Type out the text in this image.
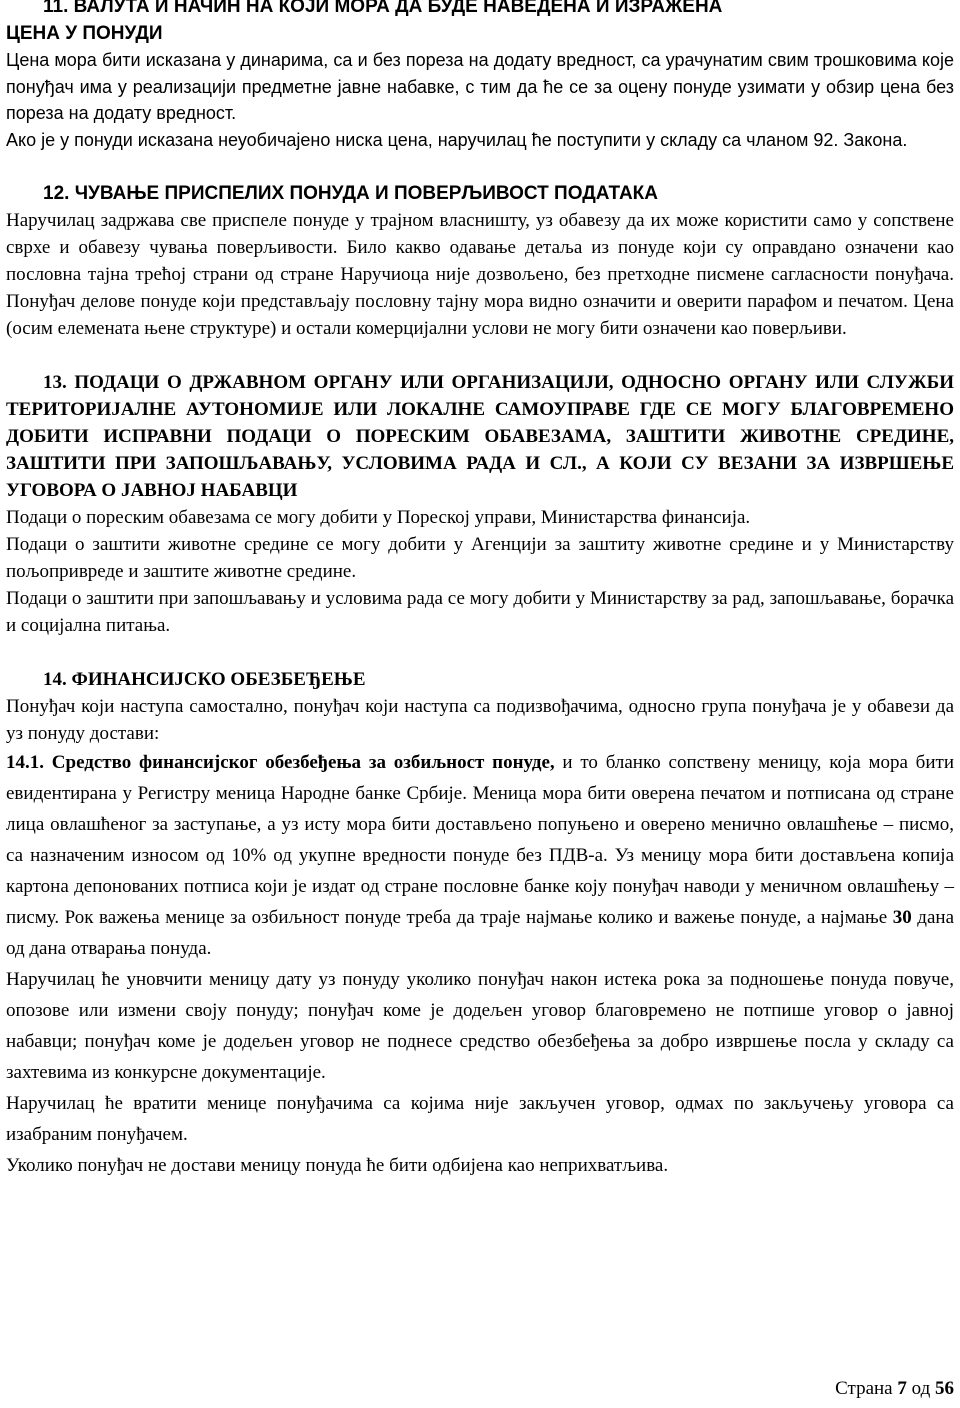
11. ВАЛУТА И НАЧИН НА КОЈИ МОРА ДА БУДЕ НАВЕДЕНА И ИЗРАЖЕНА
ЦЕНА У ПОНУДИ

Цена мора бити исказана у динарима, са и без пореза на додату вредност, са урачунатим свим трошковима које понуђач има у реализацији предметне јавне набавке, с тим да ће се за оцену понуде узимати у обзир цена без пореза на додату вредност.

Ако је у понуди исказана неуобичајено ниска цена, наручилац ће поступити у складу са чланом 92. Закона.

12. ЧУВАЊЕ ПРИСПЕЛИХ ПОНУДА И ПОВЕРЉИВОСТ ПОДАТАКА

Наручилац задржава све приспеле понуде у трајном власништу, уз обавезу да их може користити само у сопствене сврхе и обавезу чувања поверљивости. Било какво одавање детаља из понуде који су оправдано означени као пословна тајна трећој страни од стране Наручиоца није дозвољено, без претходне писмене сагласности понуђача. Понуђач делове понуде који представљају пословну тајну мора видно означити и оверити парафом и печатом. Цена (осим елемената њене структуре) и остали комерцијални услови не могу бити означени као поверљиви.

13. ПОДАЦИ О ДРЖАВНОМ ОРГАНУ ИЛИ ОРГАНИЗАЦИЈИ, ОДНОСНО ОРГАНУ ИЛИ СЛУЖБИ ТЕРИТОРИЈАЛНЕ АУТОНОМИЈЕ ИЛИ ЛОКАЛНЕ САМОУПРАВЕ ГДЕ СЕ МОГУ БЛАГОВРЕМЕНО ДОБИТИ ИСПРАВНИ ПОДАЦИ О ПОРЕСКИМ ОБАВЕЗАМА, ЗАШТИТИ ЖИВОТНЕ СРЕДИНЕ, ЗАШТИТИ ПРИ ЗАПОШЉАВАЊУ, УСЛОВИМА РАДА И СЛ., А КОЈИ СУ ВЕЗАНИ ЗА ИЗВРШЕЊЕ УГОВОРА О ЈАВНОЈ НАБАВЦИ

Подаци о пореским обавезама се могу добити у Пореској управи, Министарства финансија.

Подаци о заштити животне средине се могу добити у Агенцији за заштиту животне средине и у Министарству пољопривреде и заштите животне средине.

Подаци о заштити при запошљавању и условима рада се могу добити у Министарству за рад, запошљавање, борачка и социјална питања.

14. ФИНАНСИЈСКО ОБЕЗБЕЂЕЊЕ

Понуђач који наступа самостално, понуђач који наступа са подизвођачима, односно група понуђача је у обавези да уз понуду достави:

14.1. Средство финансијског обезбеђења за озбиљност понуде, и то бланко сопствену меницу, која мора бити евидентирана у Регистру меница Народне банке Србије. Меница мора бити оверена печатом и потписана од стране лица овлашћеног за заступање, а уз исту мора бити достављено попуњено и оверено менично овлашћење – писмо, са назначеним износом од 10% од укупне вредности понуде без ПДВ-а. Уз меницу мора бити достављена копија картона депонованих потписа који је издат од стране пословне банке коју понуђач наводи у меничном овлашћењу – писму. Рок важења менице за озбиљност понуде треба да траје најмање колико и важење понуде, а најмање 30 дана од дана отварања понуда.

Наручилац ће уновчити меницу дату уз понуду уколико понуђач након истека рока за подношење понуда повуче, опозове или измени своју понуду; понуђач коме је додељен уговор благовремено не потпише уговор о јавној набавци; понуђач коме је додељен уговор не поднесе средство обезбеђења за добро извршење посла у складу са захтевима из конкурсне документације.

Наручилац ће вратити менице понуђачима са којима није закључен уговор, одмах по закључењу уговора са изабраним понуђачем.

Уколико понуђач не достави меницу понуда ће бити одбијена као неприхватљива.

Страна 7 од 56
